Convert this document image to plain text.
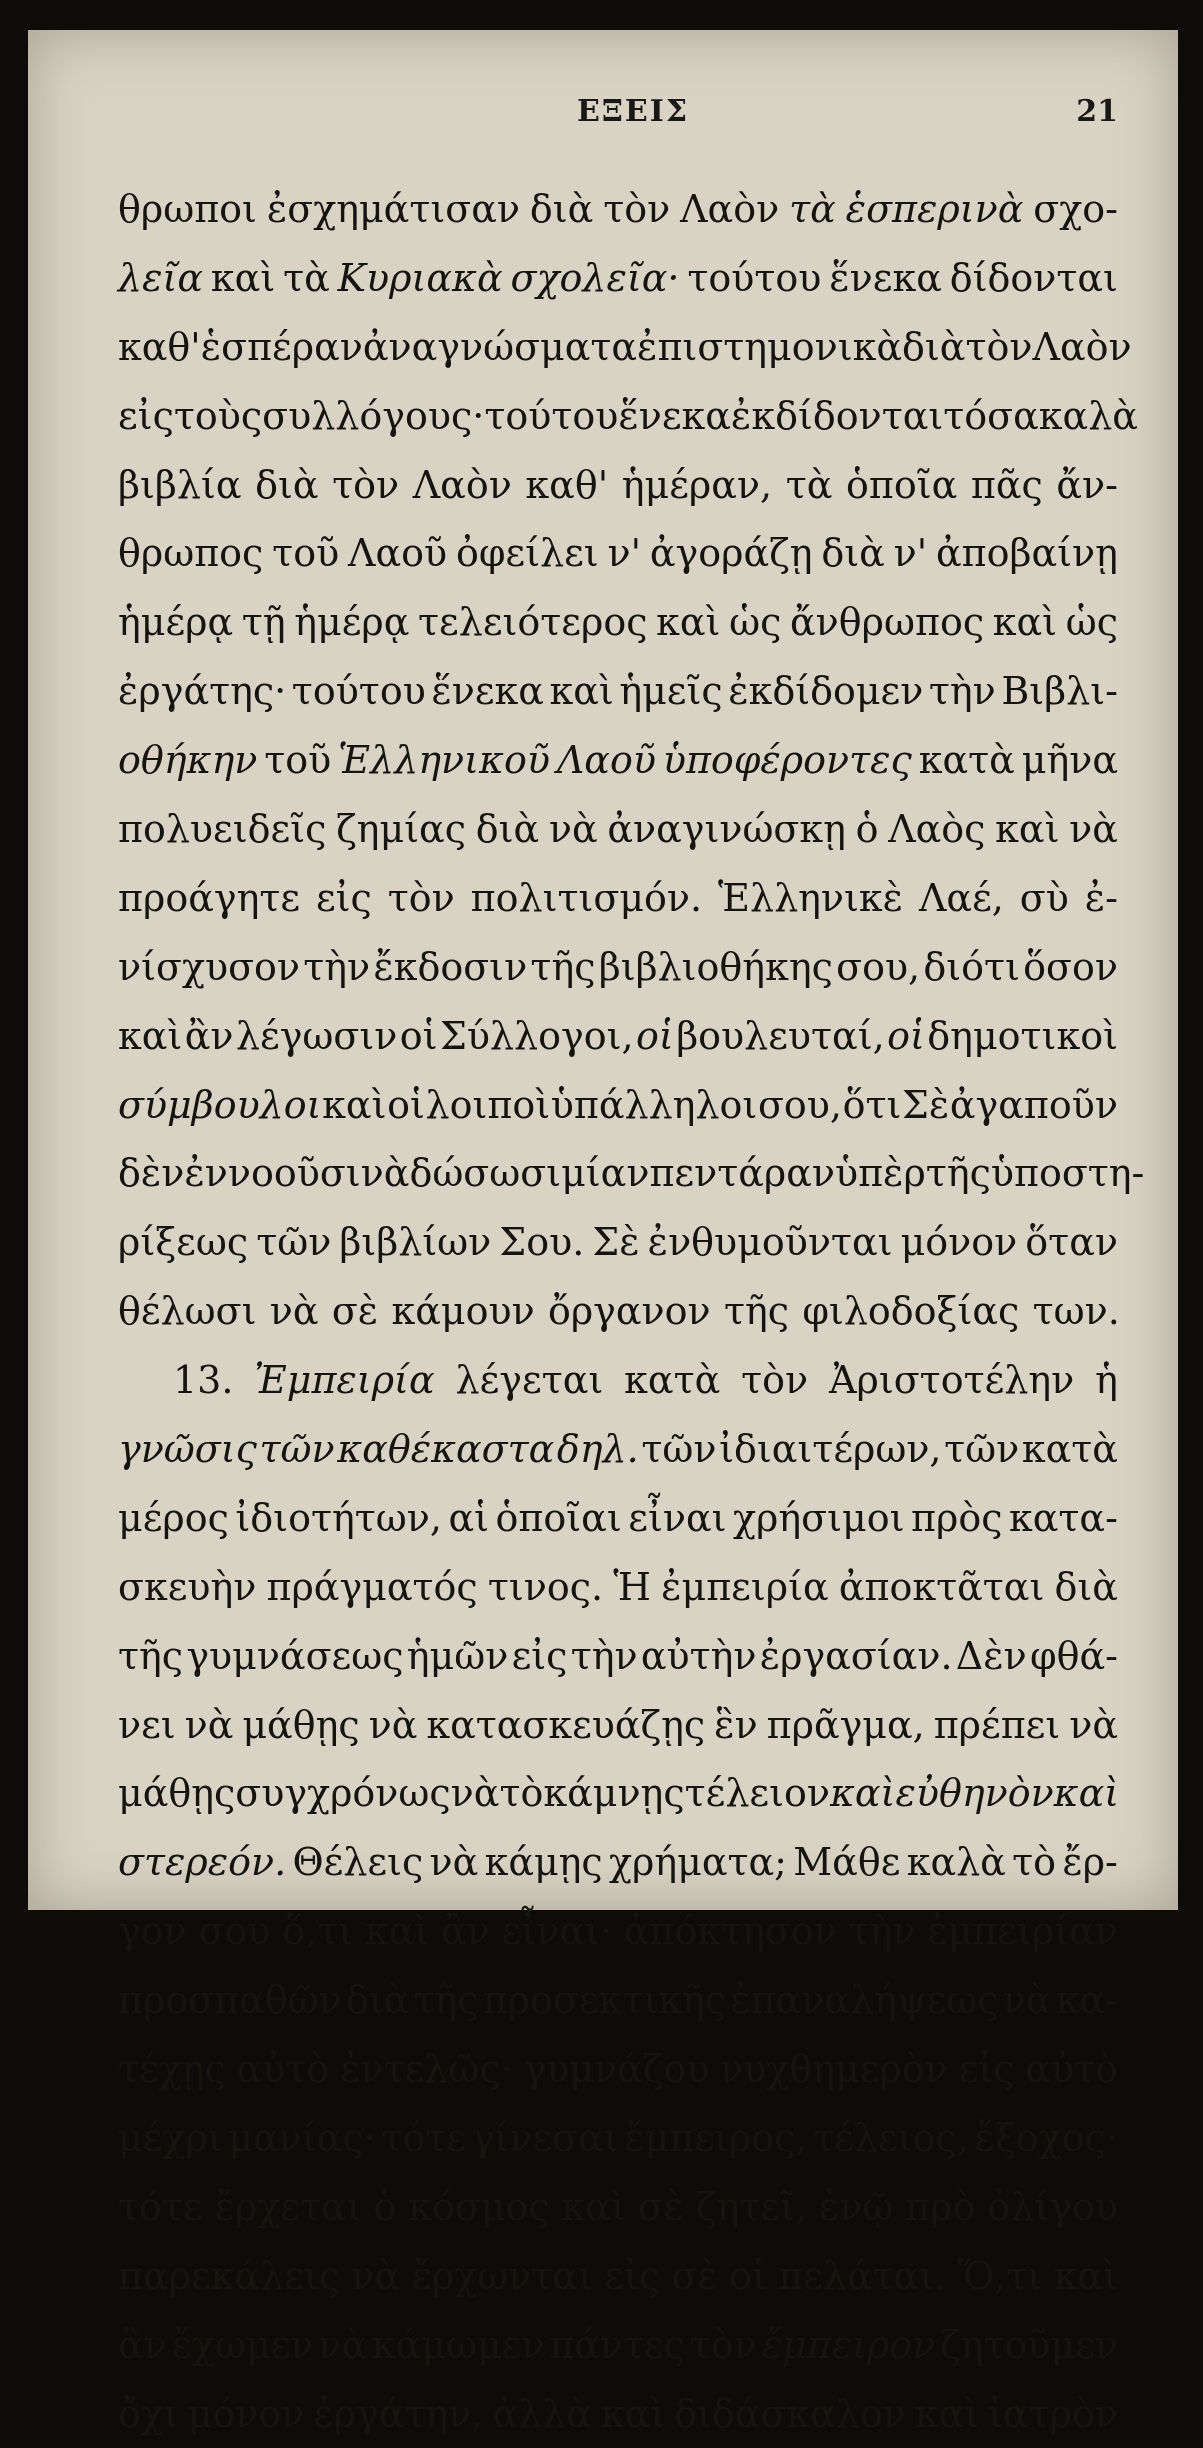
ΕΞΕΙΣ	21
θρωποι ἐσχημάτισαν διὰ τὸν Λαὸν τὰ ἑσπερινὰ σχο-
λεῖα καὶ τὰ Κυριακὰ σχολεῖα· τούτου ἕνεκα δίδονται
καθ' ἑσπέραν ἀναγνώσματα ἐπιστημονικὰ διὰ τὸν Λαὸν
εἰς τοὺς συλλόγους· τούτου ἕνεκα ἐκδίδονται τόσα καλὰ
βιβλία διὰ τὸν Λαὸν καθ' ἡμέραν, τὰ ὁποῖα πᾶς ἄν-
θρωπος τοῦ Λαοῦ ὀφείλει ν' ἀγοράζῃ διὰ ν' ἀποβαίνῃ
ἡμέρᾳ τῇ ἡμέρᾳ τελειότερος καὶ ὡς ἄνθρωπος καὶ ὡς
ἐργάτης· τούτου ἕνεκα καὶ ἡμεῖς ἐκδίδομεν τὴν Βιβλι-
οθήκην τοῦ Ἑλληνικοῦ Λαοῦ ὑποφέροντες κατὰ μῆνα
πολυειδεῖς ζημίας διὰ νὰ ἀναγινώσκῃ ὁ Λαὸς καὶ νὰ
προάγητε εἰς τὸν πολιτισμόν. Ἑλληνικὲ Λαέ, σὺ ἐ-
νίσχυσον τὴν ἔκδοσιν τῆς βιβλιοθήκης σου, διότι ὅσον
καὶ ἂν λέγωσιν οἱ Σύλλογοι, οἱ βουλευταί, οἱ δημοτικοὶ
σύμβουλοι καὶ οἱ λοιποὶ ὑπάλληλοι σου, ὅτι Σὲ ἀγαποῦν
δὲν ἐννοοῦσι νὰ δώσωσι μίαν πεντάραν ὑπὲρ τῆς ὑποστη-
ρίξεως τῶν βιβλίων Σου. Σὲ ἐνθυμοῦνται μόνον ὅταν
θέλωσι νὰ σὲ κάμουν ὄργανον τῆς φιλοδοξίας των.
13. Ἐμπειρία λέγεται κατὰ τὸν Ἀριστοτέλην ἡ
γνῶσις τῶν καθέκαστα δηλ. τῶν ἰδιαιτέρων, τῶν κατὰ
μέρος ἰδιοτήτων, αἱ ὁποῖαι εἶναι χρήσιμοι πρὸς κατα-
σκευὴν πράγματός τινος. Ἡ ἐμπειρία ἀποκτᾶται διὰ
τῆς γυμνάσεως ἡμῶν εἰς τὴν αὐτὴν ἐργασίαν. Δὲν φθά-
νει νὰ μάθῃς νὰ κατασκευάζῃς ἓν πρᾶγμα, πρέπει νὰ
μάθῃς συγχρόνως νὰ τὸ κάμνῃς τέλειον καὶ εὐθηνὸν καὶ
στερεόν. Θέλεις νὰ κάμῃς χρήματα; Μάθε καλὰ τὸ ἔρ-
γον σου ὅ,τι καὶ ἂν εἶναι· ἀπόκτησον τὴν ἐμπειρίαν
προσπαθῶν διὰ τῆς προσεκτικῆς ἐπαναλήψεως νὰ κα-
τέχῃς αὐτὸ ἐντελῶς· γυμνάζου νυχθημερὸν εἰς αὐτὸ
μέχρι μανίας· τότε γίνεσαι ἔμπειρος, τέλειος, ἔξοχος·
τότε ἔρχεται ὁ κόσμος καὶ σὲ ζητεῖ, ἐνῷ πρὸ ὀλίγου
παρεκάλεις νὰ ἔρχωνται εἰς σὲ οἱ πελάται. Ὅ,τι καὶ
ἂν ἔχωμεν νὰ κάμωμεν πάντες τὸν ἔμπειρον ζητοῦμεν
ὄχι μόνον ἐργάτην, ἀλλὰ καὶ διδάσκαλον καὶ ἰατρὸν
